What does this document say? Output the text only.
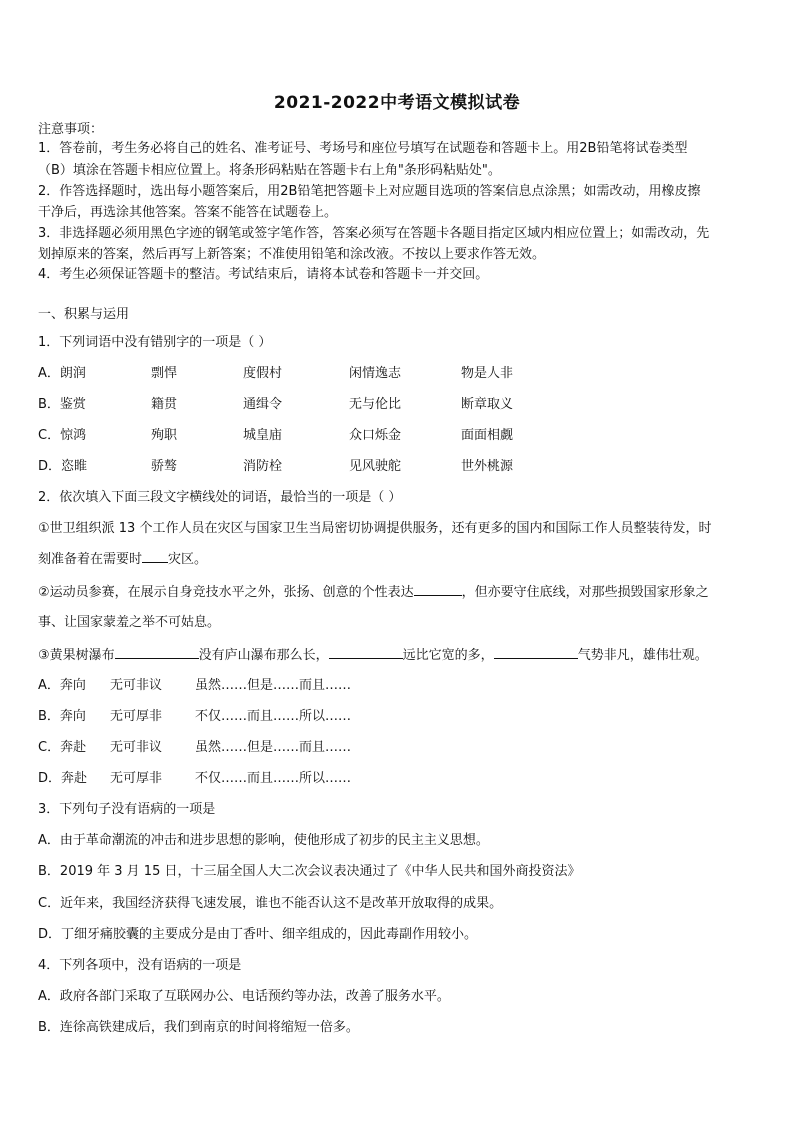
2021-2022中考语文模拟试卷
注意事项：
1．答卷前，考生务必将自己的姓名、准考证号、考场号和座位号填写在试题卷和答题卡上。用2B铅笔将试卷类型
（B）填涂在答题卡相应位置上。将条形码粘贴在答题卡右上角"条形码粘贴处"。
2．作答选择题时，选出每小题答案后，用2B铅笔把答题卡上对应题目选项的答案信息点涂黑；如需改动，用橡皮擦
干净后，再选涂其他答案。答案不能答在试题卷上。
3．非选择题必须用黑色字迹的钢笔或签字笔作答，答案必须写在答题卡各题目指定区域内相应位置上；如需改动，先
划掉原来的答案，然后再写上新答案；不准使用铅笔和涂改液。不按以上要求作答无效。
4．考生必须保证答题卡的整洁。考试结束后，请将本试卷和答题卡一并交回。
一、积累与运用
1．下列词语中没有错别字的一项是（ ）
A．朗润	剽悍	度假村	闲情逸志	物是人非
B．鉴赏	籍贯	通缉令	无与伦比	断章取义
C．惊鸿	殉职	城皇庙	众口烁金	面面相觑
D．恣睢	骄骜	消防栓	见风驶舵	世外桃源
2．依次填入下面三段文字横线处的词语，最恰当的一项是（ ）
①世卫组织派 13 个工作人员在灾区与国家卫生当局密切协调提供服务，还有更多的国内和国际工作人员整装待发，时
刻准备着在需要时 灾区。
②运动员参赛，在展示自身竞技水平之外，张扬、创意的个性表达	，但亦要守住底线，对那些损毁国家形象之
事、让国家蒙羞之举不可姑息。
③黄果树瀑布	没有庐山瀑布那么长，	远比它宽的多，	气势非凡，雄伟壮观。
A．奔向 无可非议	虽然……但是……而且……
B．奔向 无可厚非	不仅……而且……所以……
C．奔赴 无可非议	虽然……但是……而且……
D．奔赴 无可厚非	不仅……而且……所以……
3．下列句子没有语病的一项是
A．由于革命潮流的冲击和进步思想的影响，使他形成了初步的民主主义思想。
B．2019 年 3 月 15 日，十三届全国人大二次会议表决通过了《中华人民共和国外商投资法》
C．近年来，我国经济获得飞速发展，谁也不能否认这不是改革开放取得的成果。
D．丁细牙痛胶囊的主要成分是由丁香叶、细辛组成的，因此毒副作用较小。
4．下列各项中，没有语病的一项是
A．政府各部门采取了互联网办公、电话预约等办法，改善了服务水平。
B．连徐高铁建成后，我们到南京的时间将缩短一倍多。
